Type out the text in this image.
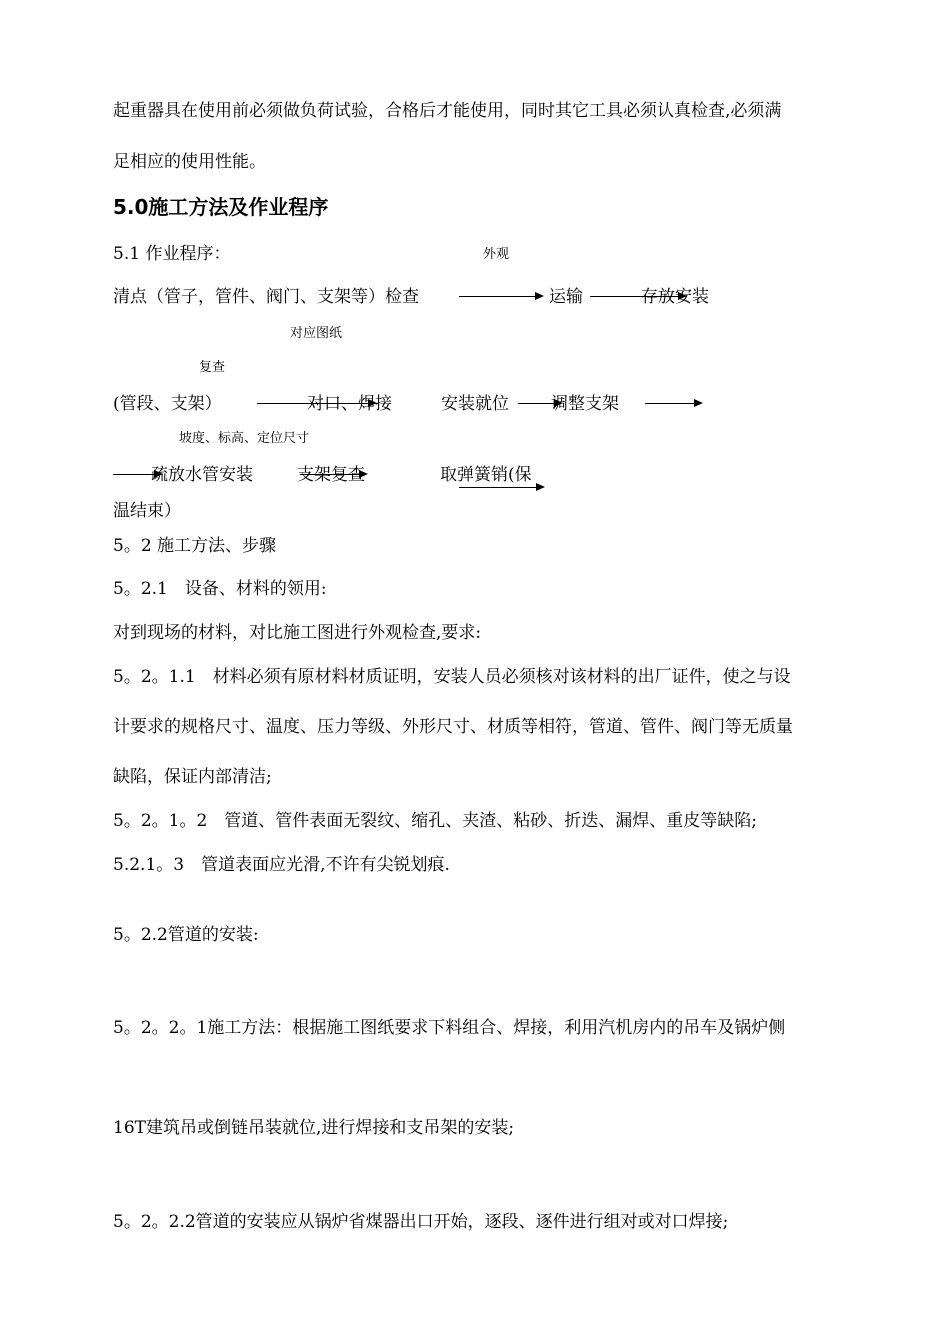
起重器具在使用前必须做负荷试验，合格后才能使用，同时其它工具必须认真检查,必须满
足相应的使用性能。
5.0施工方法及作业程序
5.1 作业程序：	外观
清点（管子，管件、阀门、支架等）检查	运输	存放安装
对应图纸
复查
(管段、支架）	对口、焊接	安装就位 调整支架
坡度、标高、定位尺寸
疏放水管安装	支架复查	取弹簧销(保
温结束）
5。2 施工方法、步骤
5。2.1　设备、材料的领用:
对到现场的材料，对比施工图进行外观检查,要求:
5。2。1.1　材料必须有原材料材质证明，安装人员必须核对该材料的出厂证件，使之与设
计要求的规格尺寸、温度、压力等级、外形尺寸、材质等相符，管道、管件、阀门等无质量
缺陷，保证内部清洁;
5。2。1。2　管道、管件表面无裂纹、缩孔、夹渣、粘砂、折迭、漏焊、重皮等缺陷;
5.2.1。3　管道表面应光滑,不许有尖锐划痕.
5。2.2管道的安装:
5。2。2。1施工方法：根据施工图纸要求下料组合、焊接，利用汽机房内的吊车及锅炉侧
16T建筑吊或倒链吊装就位,进行焊接和支吊架的安装;
5。2。2.2管道的安装应从锅炉省煤器出口开始，逐段、逐件进行组对或对口焊接;
